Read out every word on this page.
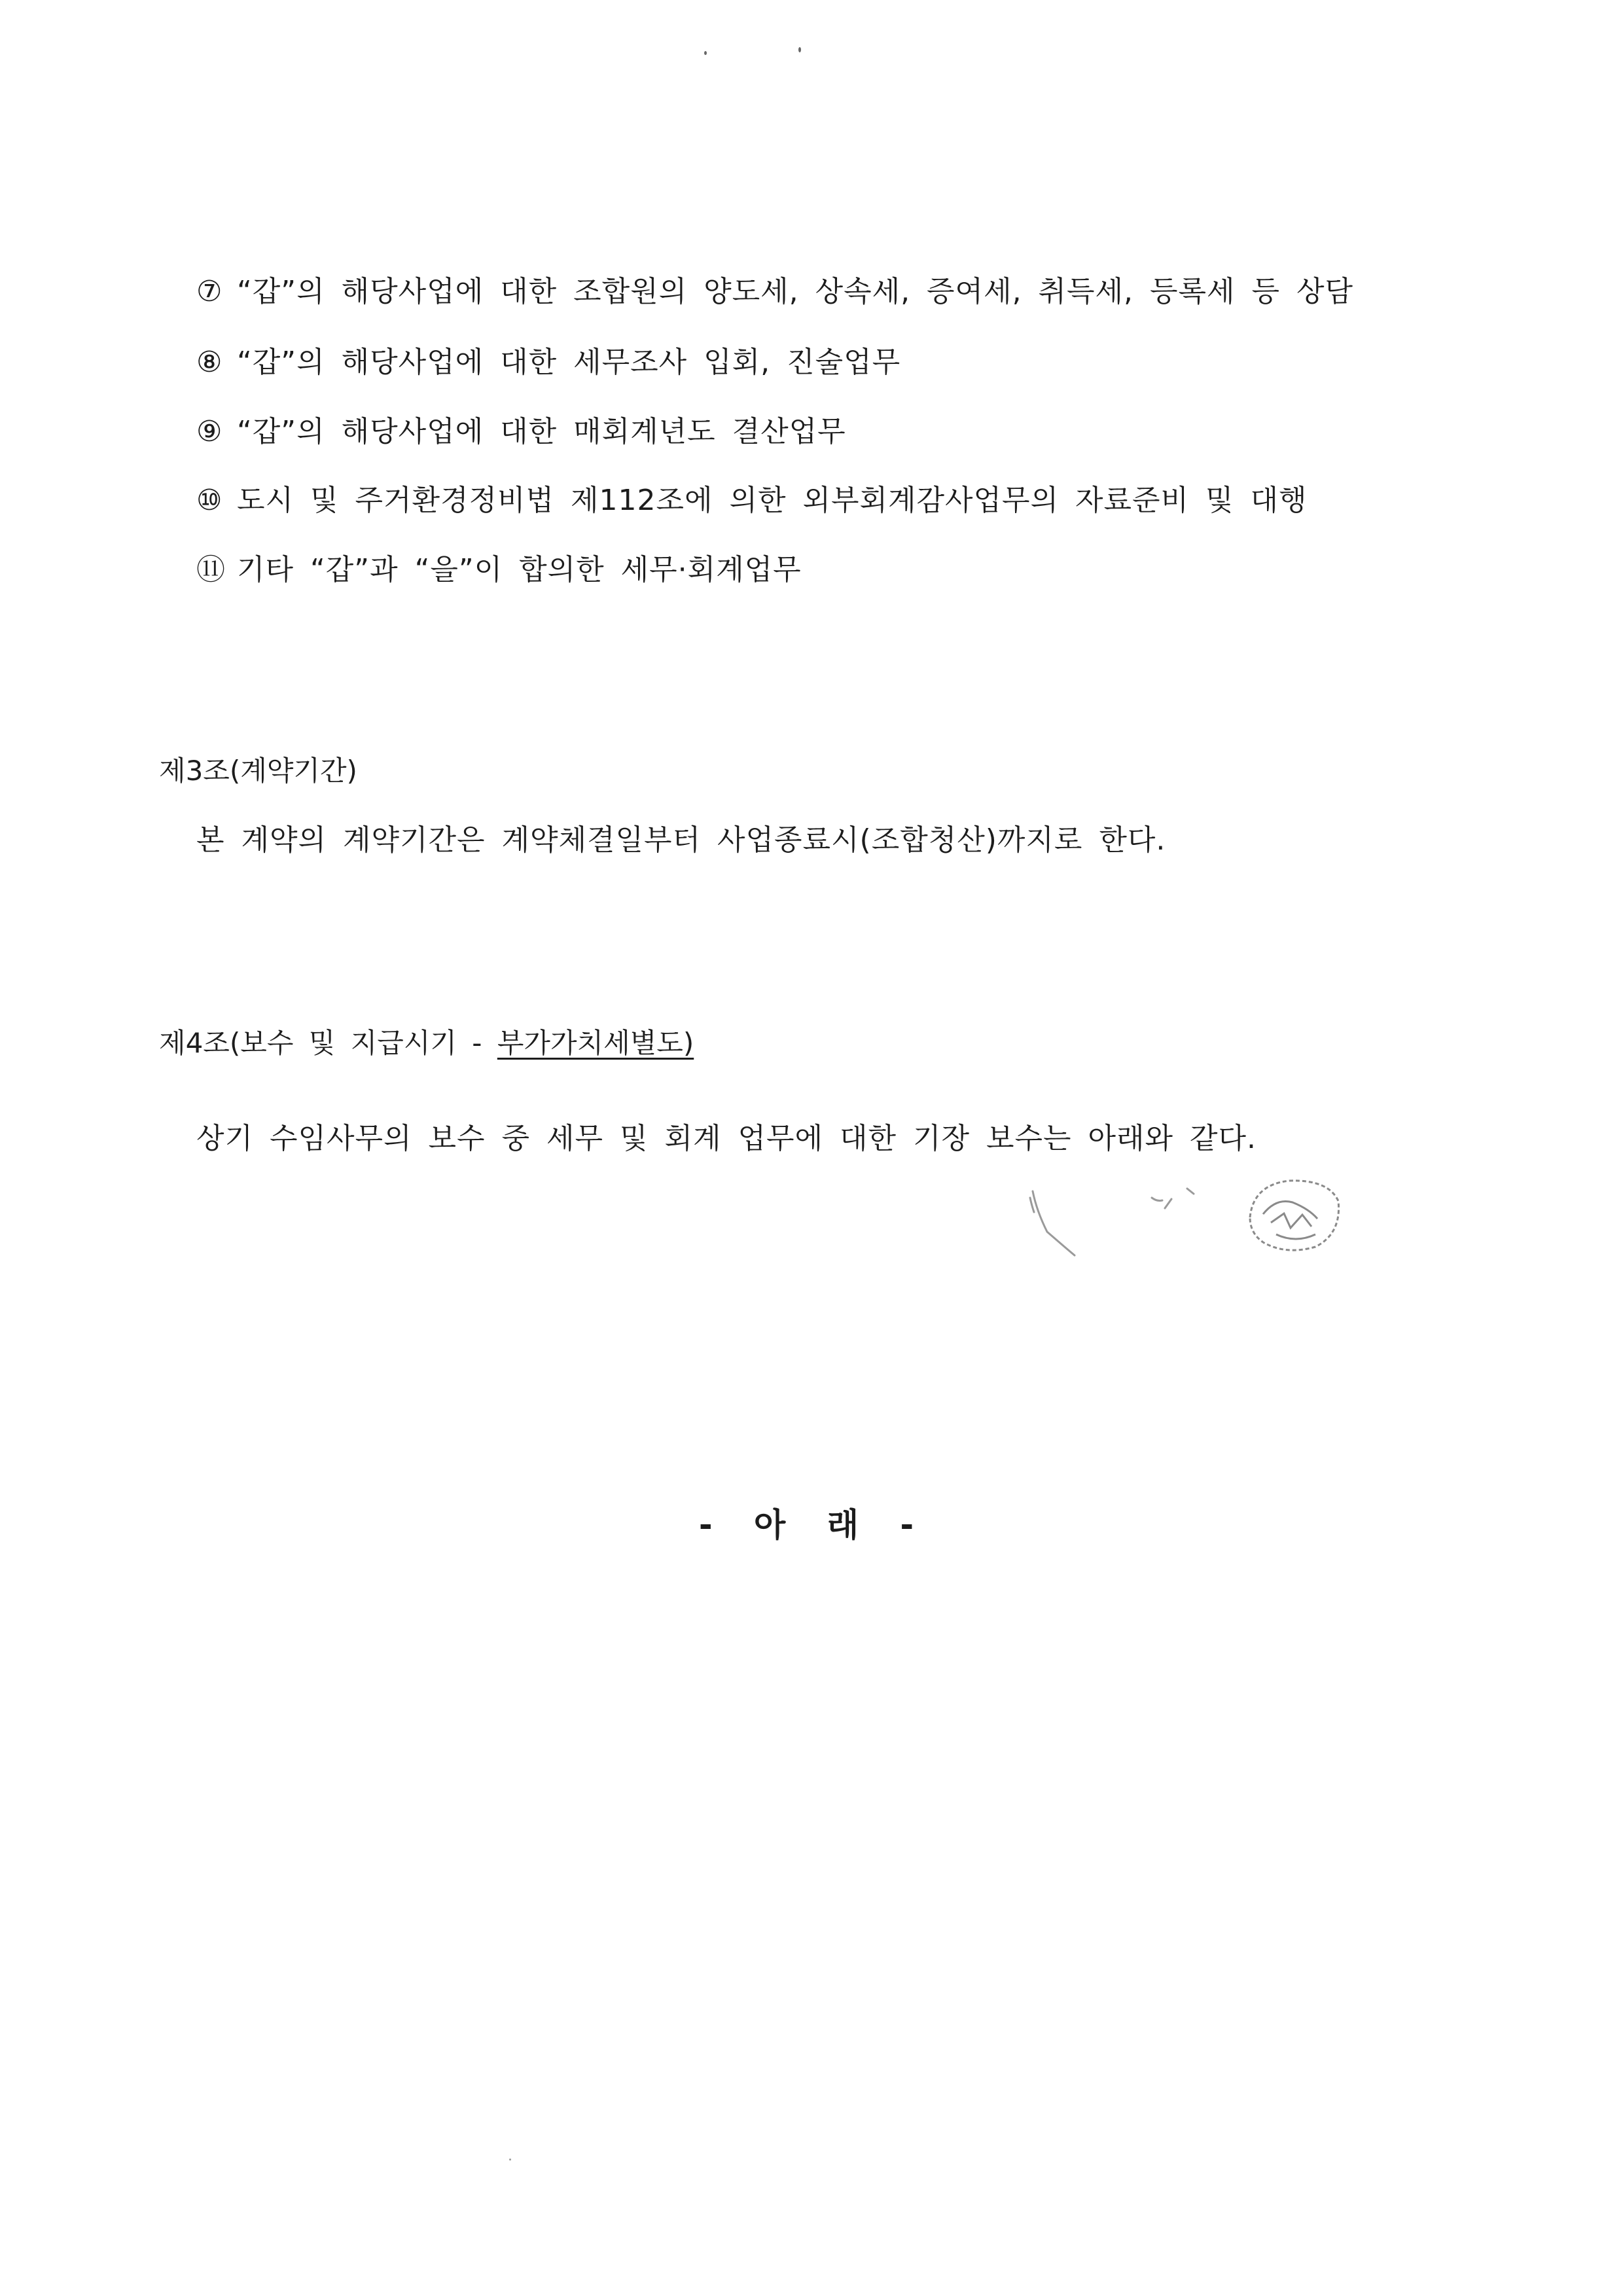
⑦ “갑”의 해당사업에 대한 조합원의 양도세, 상속세, 증여세, 취득세, 등록세 등 상담
⑧ “갑”의 해당사업에 대한 세무조사 입회, 진술업무
⑨ “갑”의 해당사업에 대한 매회계년도 결산업무
⑩ 도시 및 주거환경정비법 제112조에 의한 외부회계감사업무의 자료준비 및 대행
⑪ 기타 “갑”과 “을”이 합의한 세무·회계업무
제3조(계약기간)
본 계약의 계약기간은 계약체결일부터 사업종료시(조합청산)까지로 한다.
제4조(보수 및 지급시기 - 부가가치세별도)
상기 수임사무의 보수 중 세무 및 회계 업무에 대한 기장 보수는 아래와 같다.
- 아 래 -
